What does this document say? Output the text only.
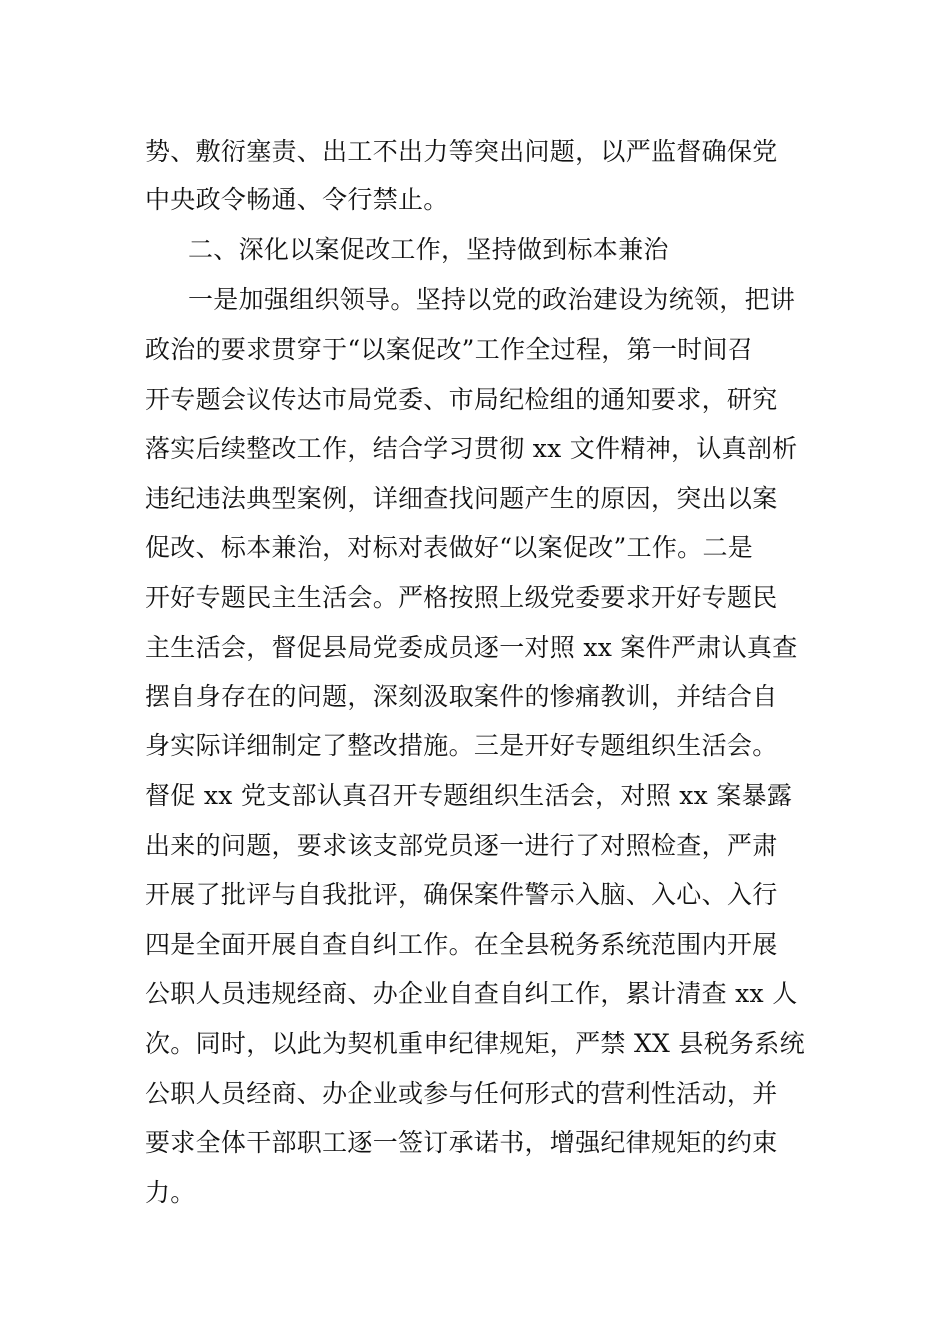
势、敷衍塞责、出工不出力等突出问题，以严监督确保党
中央政令畅通、令行禁止。
二、深化以案促改工作，坚持做到标本兼治
一是加强组织领导。坚持以党的政治建设为统领，把讲
政治的要求贯穿于“以案促改”工作全过程，第一时间召
开专题会议传达市局党委、市局纪检组的通知要求，研究
落实后续整改工作，结合学习贯彻 xx 文件精神，认真剖析
违纪违法典型案例，详细查找问题产生的原因，突出以案
促改、标本兼治，对标对表做好“以案促改”工作。二是
开好专题民主生活会。严格按照上级党委要求开好专题民
主生活会，督促县局党委成员逐一对照 xx 案件严肃认真查
摆自身存在的问题，深刻汲取案件的惨痛教训，并结合自
身实际详细制定了整改措施。三是开好专题组织生活会。
督促 xx 党支部认真召开专题组织生活会，对照 xx 案暴露
出来的问题，要求该支部党员逐一进行了对照检查，严肃
开展了批评与自我批评，确保案件警示入脑、入心、入行
四是全面开展自查自纠工作。在全县税务系统范围内开展
公职人员违规经商、办企业自查自纠工作，累计清查 xx 人
次。同时，以此为契机重申纪律规矩，严禁 XX 县税务系统
公职人员经商、办企业或参与任何形式的营利性活动，并
要求全体干部职工逐一签订承诺书，增强纪律规矩的约束
力。
